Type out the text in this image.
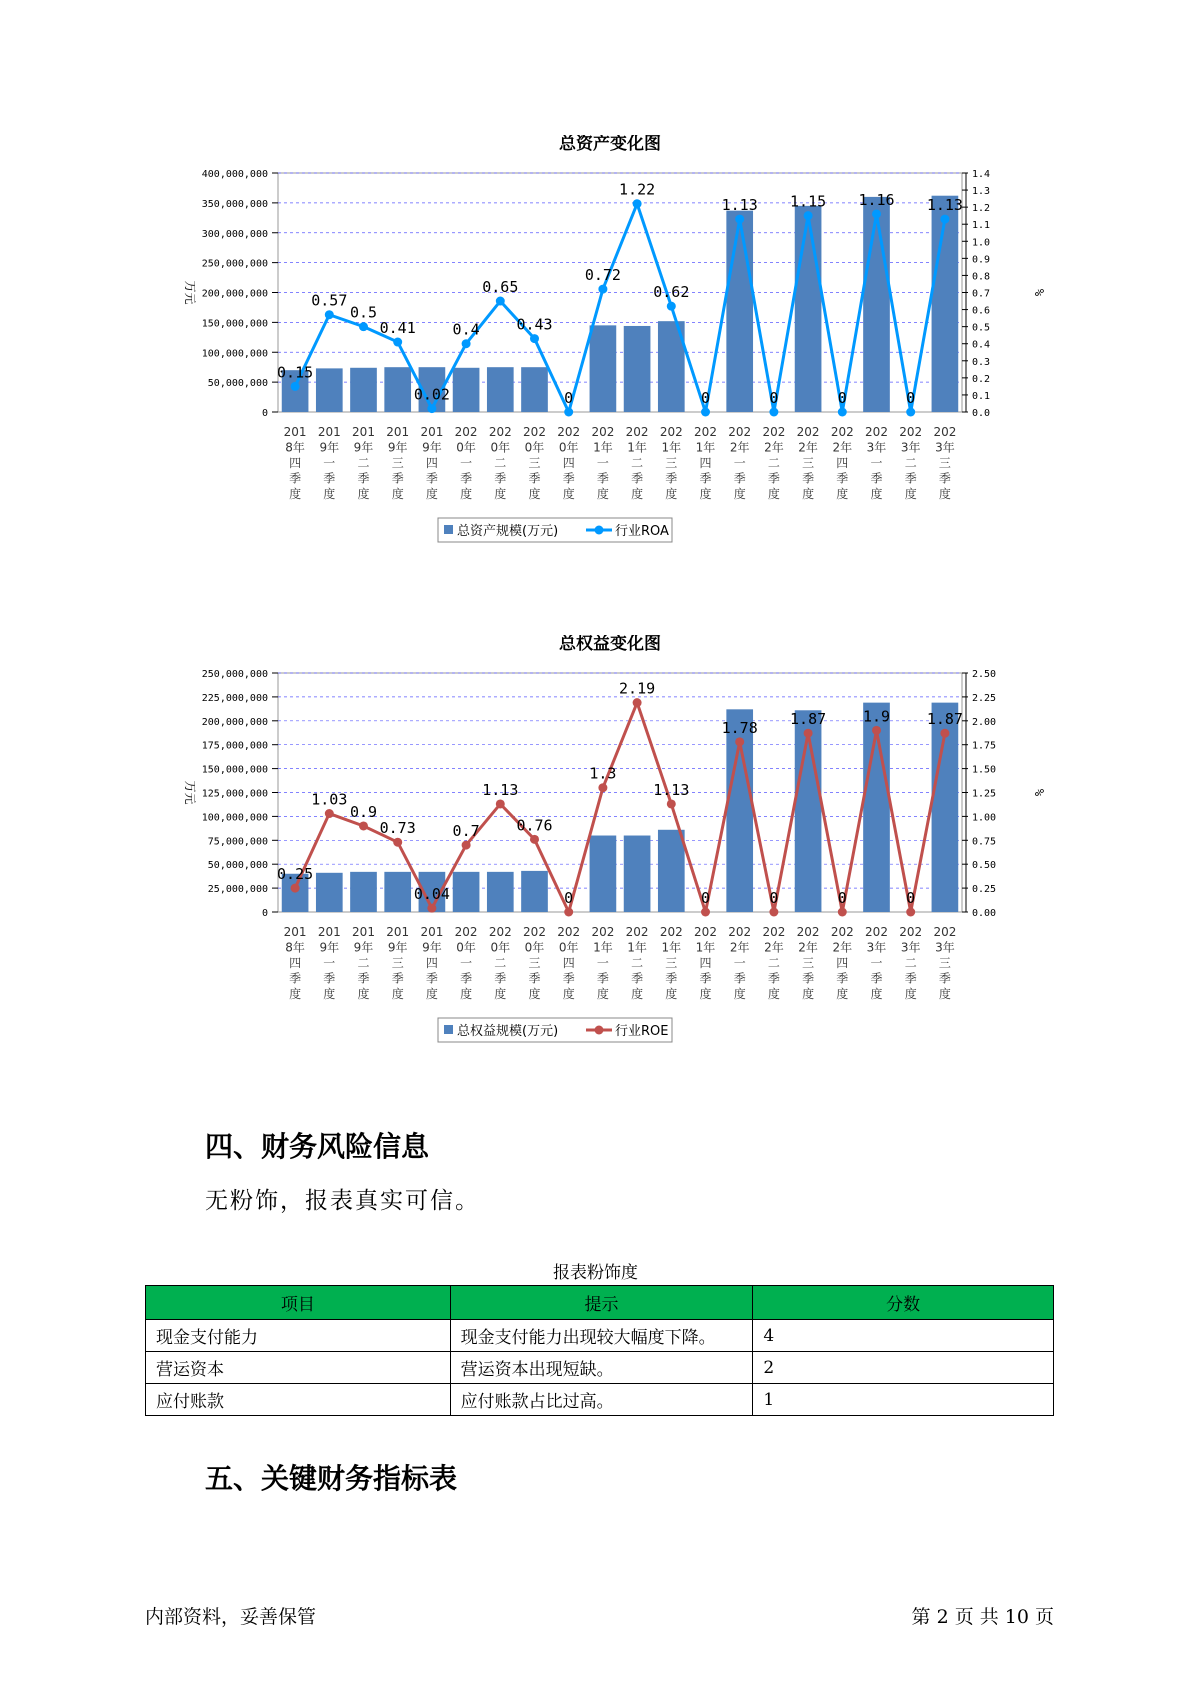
总资产变化图
0
50,000,000
100,000,000
150,000,000
200,000,000
250,000,000
300,000,000
350,000,000
400,000,000
0.0
0.1
0.2
0.3
0.4
0.5
0.6
0.7
0.8
0.9
1.0
1.1
1.2
1.3
1.4
万元	%
0.15
0.57
0.5
0.41
0.02
0.4
0.65
0.43
0
0.72
1.22
0.62
0
1.13
0
1.15
0
1.16
0
1.13
201 8年四季度
201 9年一季度
201 9年二季度
201 9年三季度
201 9年四季度
202 0年一季度
202 0年二季度
202 0年三季度
202 0年四季度
202 1年一季度
202 1年二季度
202 1年三季度
202 1年四季度
202 2年一季度
202 2年二季度
202 2年三季度
202 2年四季度
202 3年一季度
202 3年二季度
202 3年三季度
总资产规模(万元)	行业ROA
总权益变化图
0
25,000,000
50,000,000
75,000,000
100,000,000
125,000,000
150,000,000
175,000,000
200,000,000
225,000,000
250,000,000
0.00
0.25
0.50
0.75
1.00
1.25
1.50
1.75
2.00
2.25
2.50
万元	%
0.25
1.03
0.9
0.73
0.04
0.7
1.13
0.76
0
1.3
2.19
1.13
0
1.78
0
1.87
0
1.9
0
1.87
201 8年四季度
201 9年一季度
201 9年二季度
201 9年三季度
201 9年四季度
202 0年一季度
202 0年二季度
202 0年三季度
202 0年四季度
202 1年一季度
202 1年二季度
202 1年三季度
202 1年四季度
202 2年一季度
202 2年二季度
202 2年三季度
202 2年四季度
202 3年一季度
202 3年二季度
202 3年三季度
总权益规模(万元)	行业ROE
四、财务风险信息
无粉饰，报表真实可信。
报表粉饰度
项目	提示	分数
现金支付能力	现金支付能力出现较大幅度下降。	4
营运资本	营运资本出现短缺。	2
应付账款	应付账款占比过高。	1
五、关键财务指标表
内部资料，妥善保管	第 2 页 共 10 页
